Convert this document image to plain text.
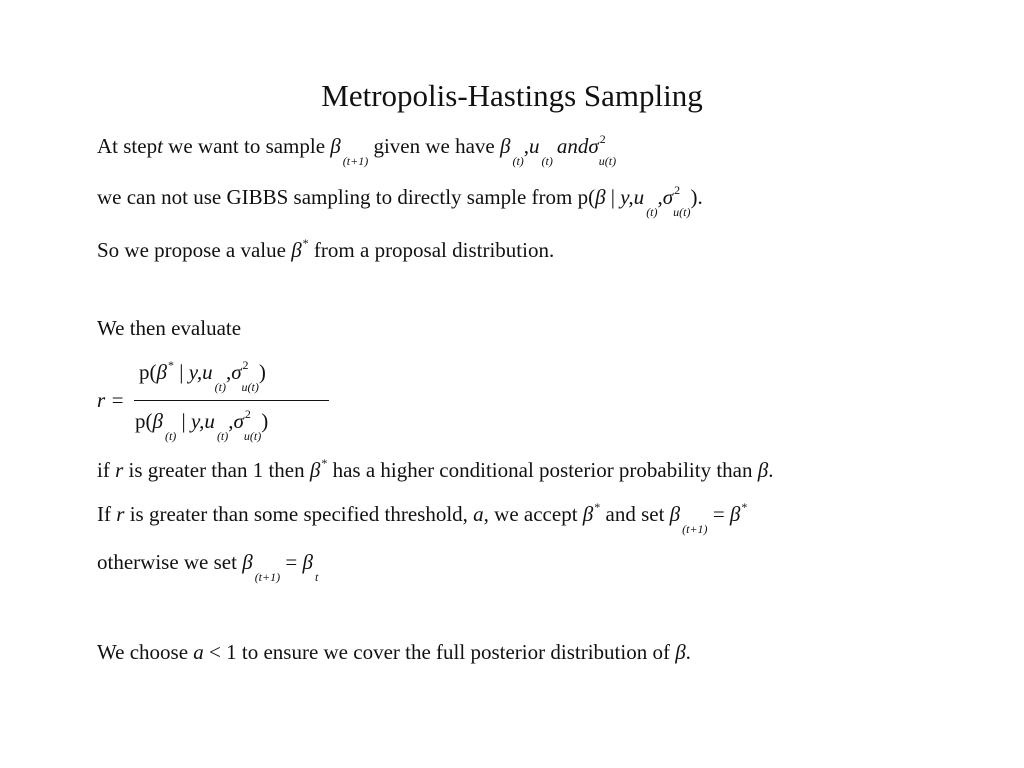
Metropolis-Hastings Sampling
At stept we want to sample $\beta_{(t+1)}$ given we have $\beta_{(t)},u_{(t)}and\sigma^2_{u(t)}$
we can not use GIBBS sampling to directly sample from p(β | $y,u_{(t)},\sigma^2_{u(t)}$).
So we propose a value β* from a proposal distribution.
We then evaluate
r =
p(β* | $y,u_{(t)},\sigma^2_{u(t)}$)
$p(\beta_{(t)}$ | $y,u_{(t)},\sigma^2_{u(t)}$)
if r is greater than 1 then β* has a higher conditional posterior probability than β.
If r is greater than some specified threshold, a, we accept β* and set $\beta_{(t+1)} = \beta^*$
otherwise we set $\beta_{(t+1)} = \beta_t$
We choose a < 1 to ensure we cover the full posterior distribution of β.
